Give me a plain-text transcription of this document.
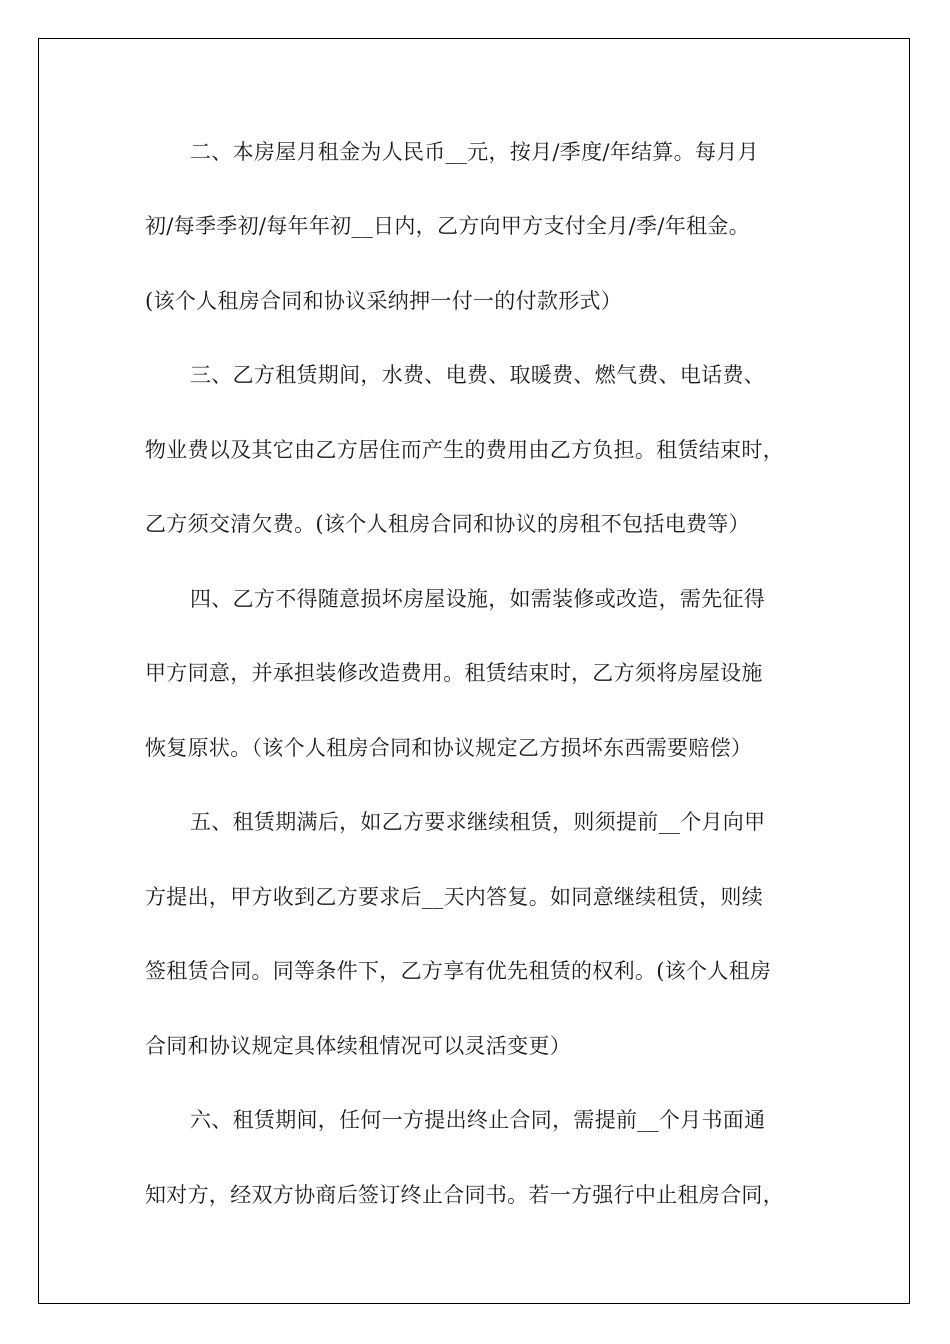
二、本房屋月租金为人民币__元，按月/季度/年结算。每月月
初/每季季初/每年年初__日内，乙方向甲方支付全月/季/年租金。
(该个人租房合同和协议采纳押一付一的付款形式）
三、乙方租赁期间，水费、电费、取暖费、燃气费、电话费、
物业费以及其它由乙方居住而产生的费用由乙方负担。租赁结束时，
乙方须交清欠费。(该个人租房合同和协议的房租不包括电费等）
四、乙方不得随意损坏房屋设施，如需装修或改造，需先征得
甲方同意，并承担装修改造费用。租赁结束时，乙方须将房屋设施
恢复原状。（该个人租房合同和协议规定乙方损坏东西需要赔偿）
五、租赁期满后，如乙方要求继续租赁，则须提前__个月向甲
方提出，甲方收到乙方要求后__天内答复。如同意继续租赁，则续
签租赁合同。同等条件下，乙方享有优先租赁的权利。(该个人租房
合同和协议规定具体续租情况可以灵活变更）
六、租赁期间，任何一方提出终止合同，需提前__个月书面通
知对方，经双方协商后签订终止合同书。若一方强行中止租房合同，
